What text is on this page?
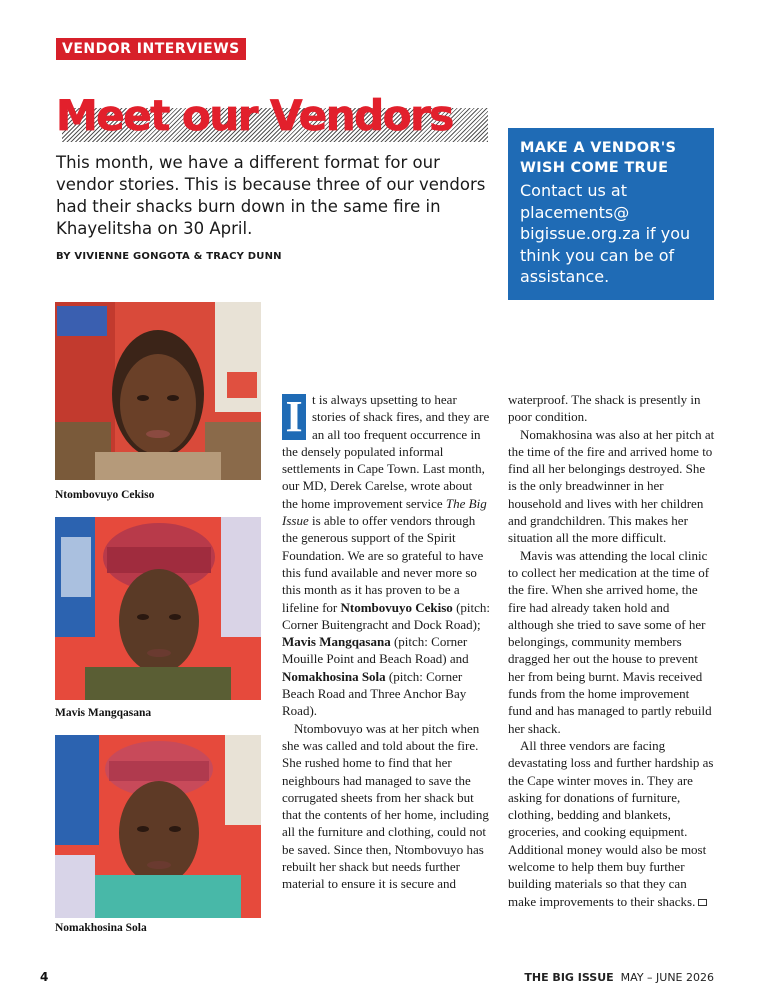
VENDOR INTERVIEWS
Meet our Vendors
This month, we have a different format for our vendor stories. This is because three of our vendors had their shacks burn down in the same fire in Khayelitsha on 30 April.
BY VIVIENNE GONGOTA & TRACY DUNN
MAKE A VENDOR'S WISH COME TRUE
Contact us at placements@ bigissue.org.za if you think you can be of assistance.
Ntombovuyo Cekiso
Mavis Mangqasana
Nomakhosina Sola

I t is always upsetting to hear stories of shack fires, and they are an all too frequent occurrence in the densely populated informal settlements in Cape Town. Last month, our MD, Derek Carelse, wrote about the home improvement service The Big Issue is able to offer vendors through the generous support of the Spirit Foundation. We are so grateful to have this fund available and never more so this month as it has proven to be a lifeline for Ntombovuyo Cekiso (pitch: Corner Buitengracht and Dock Road); Mavis Mangqasana (pitch: Corner Mouille Point and Beach Road) and Nomakhosina Sola (pitch: Corner Beach Road and Three Anchor Bay Road).

Ntombovuyo was at her pitch when she was called and told about the fire. She rushed home to find that her neighbours had managed to save the corrugated sheets from her shack but that the contents of her home, including all the furniture and clothing, could not be saved. Since then, Ntombovuyo has rebuilt her shack but needs further material to ensure it is secure and

waterproof. The shack is presently in poor condition.

Nomakhosina was also at her pitch at the time of the fire and arrived home to find all her belongings destroyed. She is the only breadwinner in her household and lives with her children and grandchildren. This makes her situation all the more difficult.

Mavis was attending the local clinic to collect her medication at the time of the fire. When she arrived home, the fire had already taken hold and although she tried to save some of her belongings, community members dragged her out the house to prevent her from being burnt. Mavis received funds from the home improvement fund and has managed to partly rebuild her shack.

All three vendors are facing devastating loss and further hardship as the Cape winter moves in. They are asking for donations of furniture, clothing, bedding and blankets, groceries, and cooking equipment. Additional money would also be most welcome to help them buy further building materials so that they can make improvements to their shacks.

4	THE BIG ISSUE MAY – JUNE 2026
